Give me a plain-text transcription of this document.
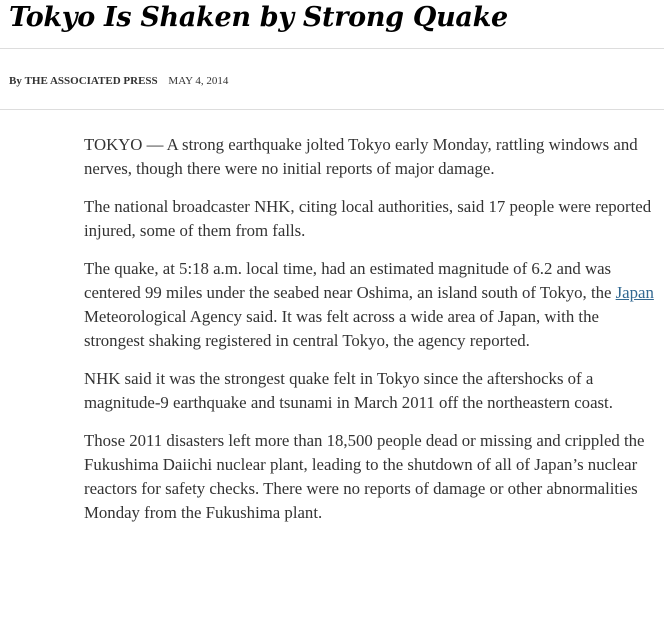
Tokyo Is Shaken by Strong Quake
By THE ASSOCIATED PRESS MAY 4, 2014

TOKYO — A strong earthquake jolted Tokyo early Monday, rattling windows and nerves, though there were no initial reports of major damage.

The national broadcaster NHK, citing local authorities, said 17 people were reported injured, some of them from falls.

The quake, at 5:18 a.m. local time, had an estimated magnitude of 6.2 and was centered 99 miles under the seabed near Oshima, an island south of Tokyo, the Japan Meteorological Agency said. It was felt across a wide area of Japan, with the strongest shaking registered in central Tokyo, the agency reported.

NHK said it was the strongest quake felt in Tokyo since the aftershocks of a magnitude-9 earthquake and tsunami in March 2011 off the northeastern coast.

Those 2011 disasters left more than 18,500 people dead or missing and crippled the Fukushima Daiichi nuclear plant, leading to the shutdown of all of Japan’s nuclear reactors for safety checks. There were no reports of damage or other abnormalities Monday from the Fukushima plant.
